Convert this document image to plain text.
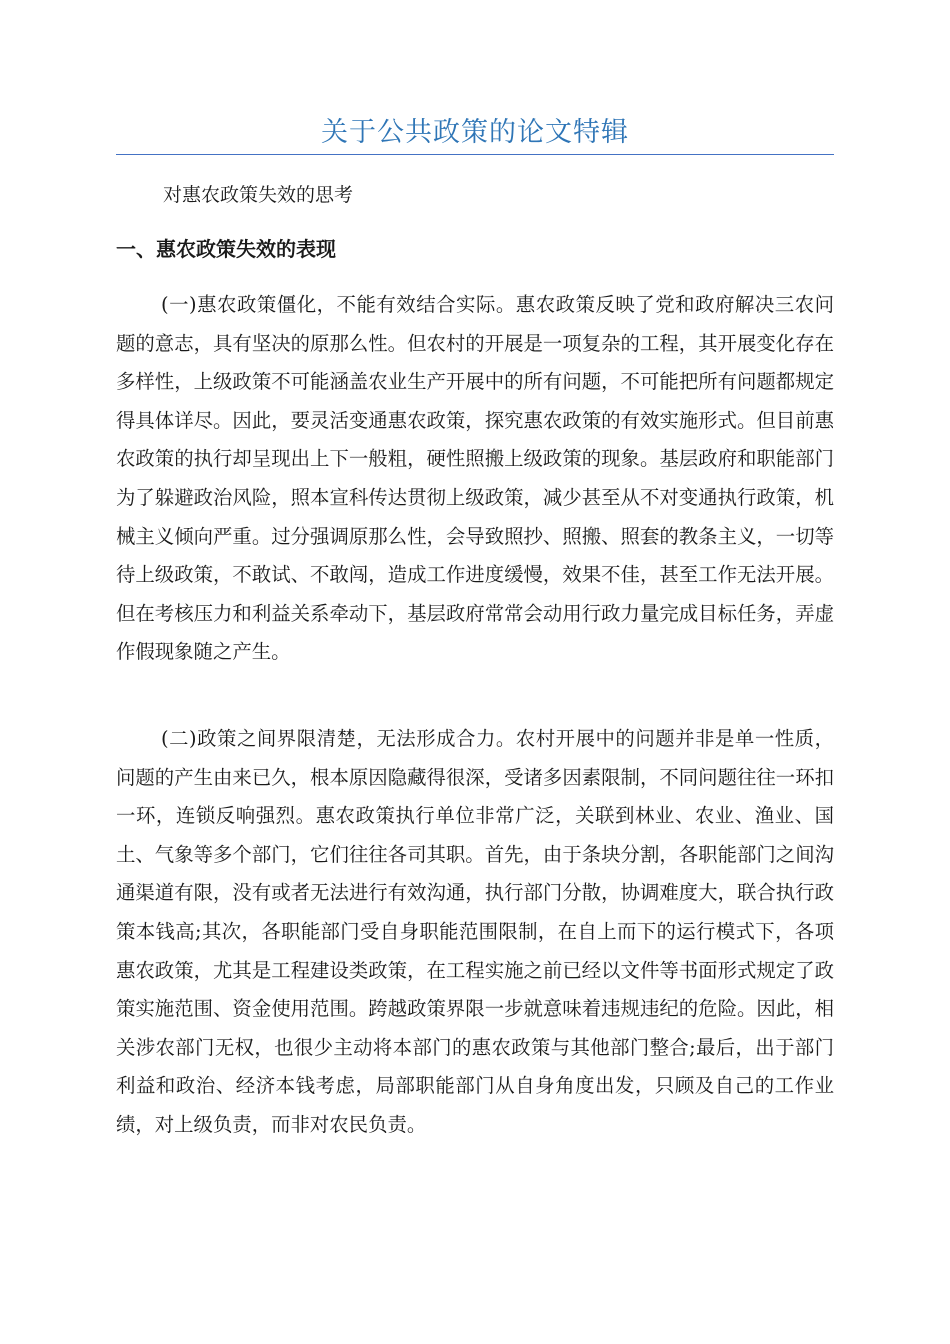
关于公共政策的论文特辑
对惠农政策失效的思考
一、惠农政策失效的表现

(一)惠农政策僵化，不能有效结合实际。惠农政策反映了党和政府解决三农问题的意志，具有坚决的原那么性。但农村的开展是一项复杂的工程，其开展变化存在多样性，上级政策不可能涵盖农业生产开展中的所有问题，不可能把所有问题都规定得具体详尽。因此，要灵活变通惠农政策，探究惠农政策的有效实施形式。但目前惠农政策的执行却呈现出上下一般粗，硬性照搬上级政策的现象。基层政府和职能部门为了躲避政治风险，照本宣科传达贯彻上级政策，减少甚至从不对变通执行政策，机械主义倾向严重。过分强调原那么性，会导致照抄、照搬、照套的教条主义，一切等待上级政策，不敢试、不敢闯，造成工作进度缓慢，效果不佳，甚至工作无法开展。但在考核压力和利益关系牵动下，基层政府常常会动用行政力量完成目标任务，弄虚作假现象随之产生。

(二)政策之间界限清楚，无法形成合力。农村开展中的问题并非是单一性质，问题的产生由来已久，根本原因隐藏得很深，受诸多因素限制，不同问题往往一环扣一环，连锁反响强烈。惠农政策执行单位非常广泛，关联到林业、农业、渔业、国土、气象等多个部门，它们往往各司其职。首先，由于条块分割，各职能部门之间沟通渠道有限，没有或者无法进行有效沟通，执行部门分散，协调难度大，联合执行政策本钱高;其次，各职能部门受自身职能范围限制，在自上而下的运行模式下，各项惠农政策，尤其是工程建设类政策，在工程实施之前已经以文件等书面形式规定了政策实施范围、资金使用范围。跨越政策界限一步就意味着违规违纪的危险。因此，相关涉农部门无权，也很少主动将本部门的惠农政策与其他部门整合;最后，出于部门利益和政治、经济本钱考虑，局部职能部门从自身角度出发，只顾及自己的工作业绩，对上级负责，而非对农民负责。
